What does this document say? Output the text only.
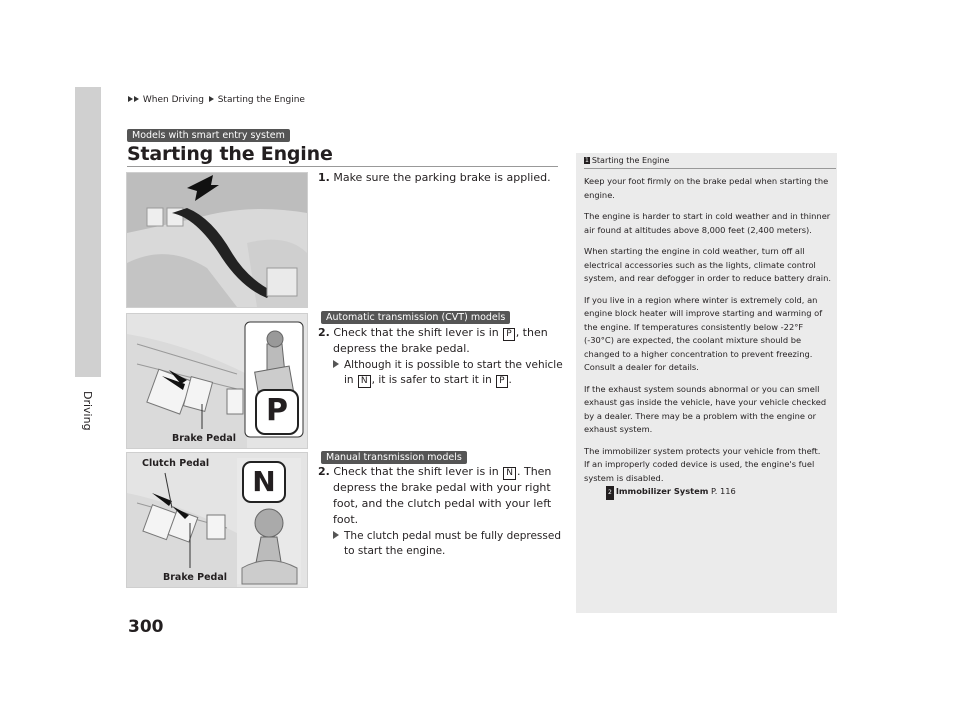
When Driving Starting the Engine
Driving
Models with smart entry system
Starting the Engine
1. Make sure the parking brake is applied.
Automatic transmission (CVT) models
P
Brake Pedal
2. Check that the shift lever is in P , then
depress the brake pedal.
Although it is possible to start the vehicle
in N , it is safer to start it in P .
Manual transmission models
N
Clutch Pedal
Brake Pedal
2. Check that the shift lever is in N . Then
depress the brake pedal with your right
foot, and the clutch pedal with your left
foot.
The clutch pedal must be fully depressed
to start the engine.
1 Starting the Engine

Keep your foot firmly on the brake pedal when starting the engine.

The engine is harder to start in cold weather and in thinner air found at altitudes above 8,000 feet (2,400 meters).

When starting the engine in cold weather, turn off all electrical accessories such as the lights, climate control system, and rear defogger in order to reduce battery drain.

If you live in a region where winter is extremely cold, an engine block heater will improve starting and warming of the engine. If temperatures consistently below -22°F (-30°C) are expected, the coolant mixture should be changed to a higher concentration to prevent freezing. Consult a dealer for details.

If the exhaust system sounds abnormal or you can smell exhaust gas inside the vehicle, have your vehicle checked by a dealer. There may be a problem with the engine or exhaust system.

The immobilizer system protects your vehicle from theft.

If an improperly coded device is used, the engine's fuel system is disabled.

2 Immobilizer System P. 116
300
